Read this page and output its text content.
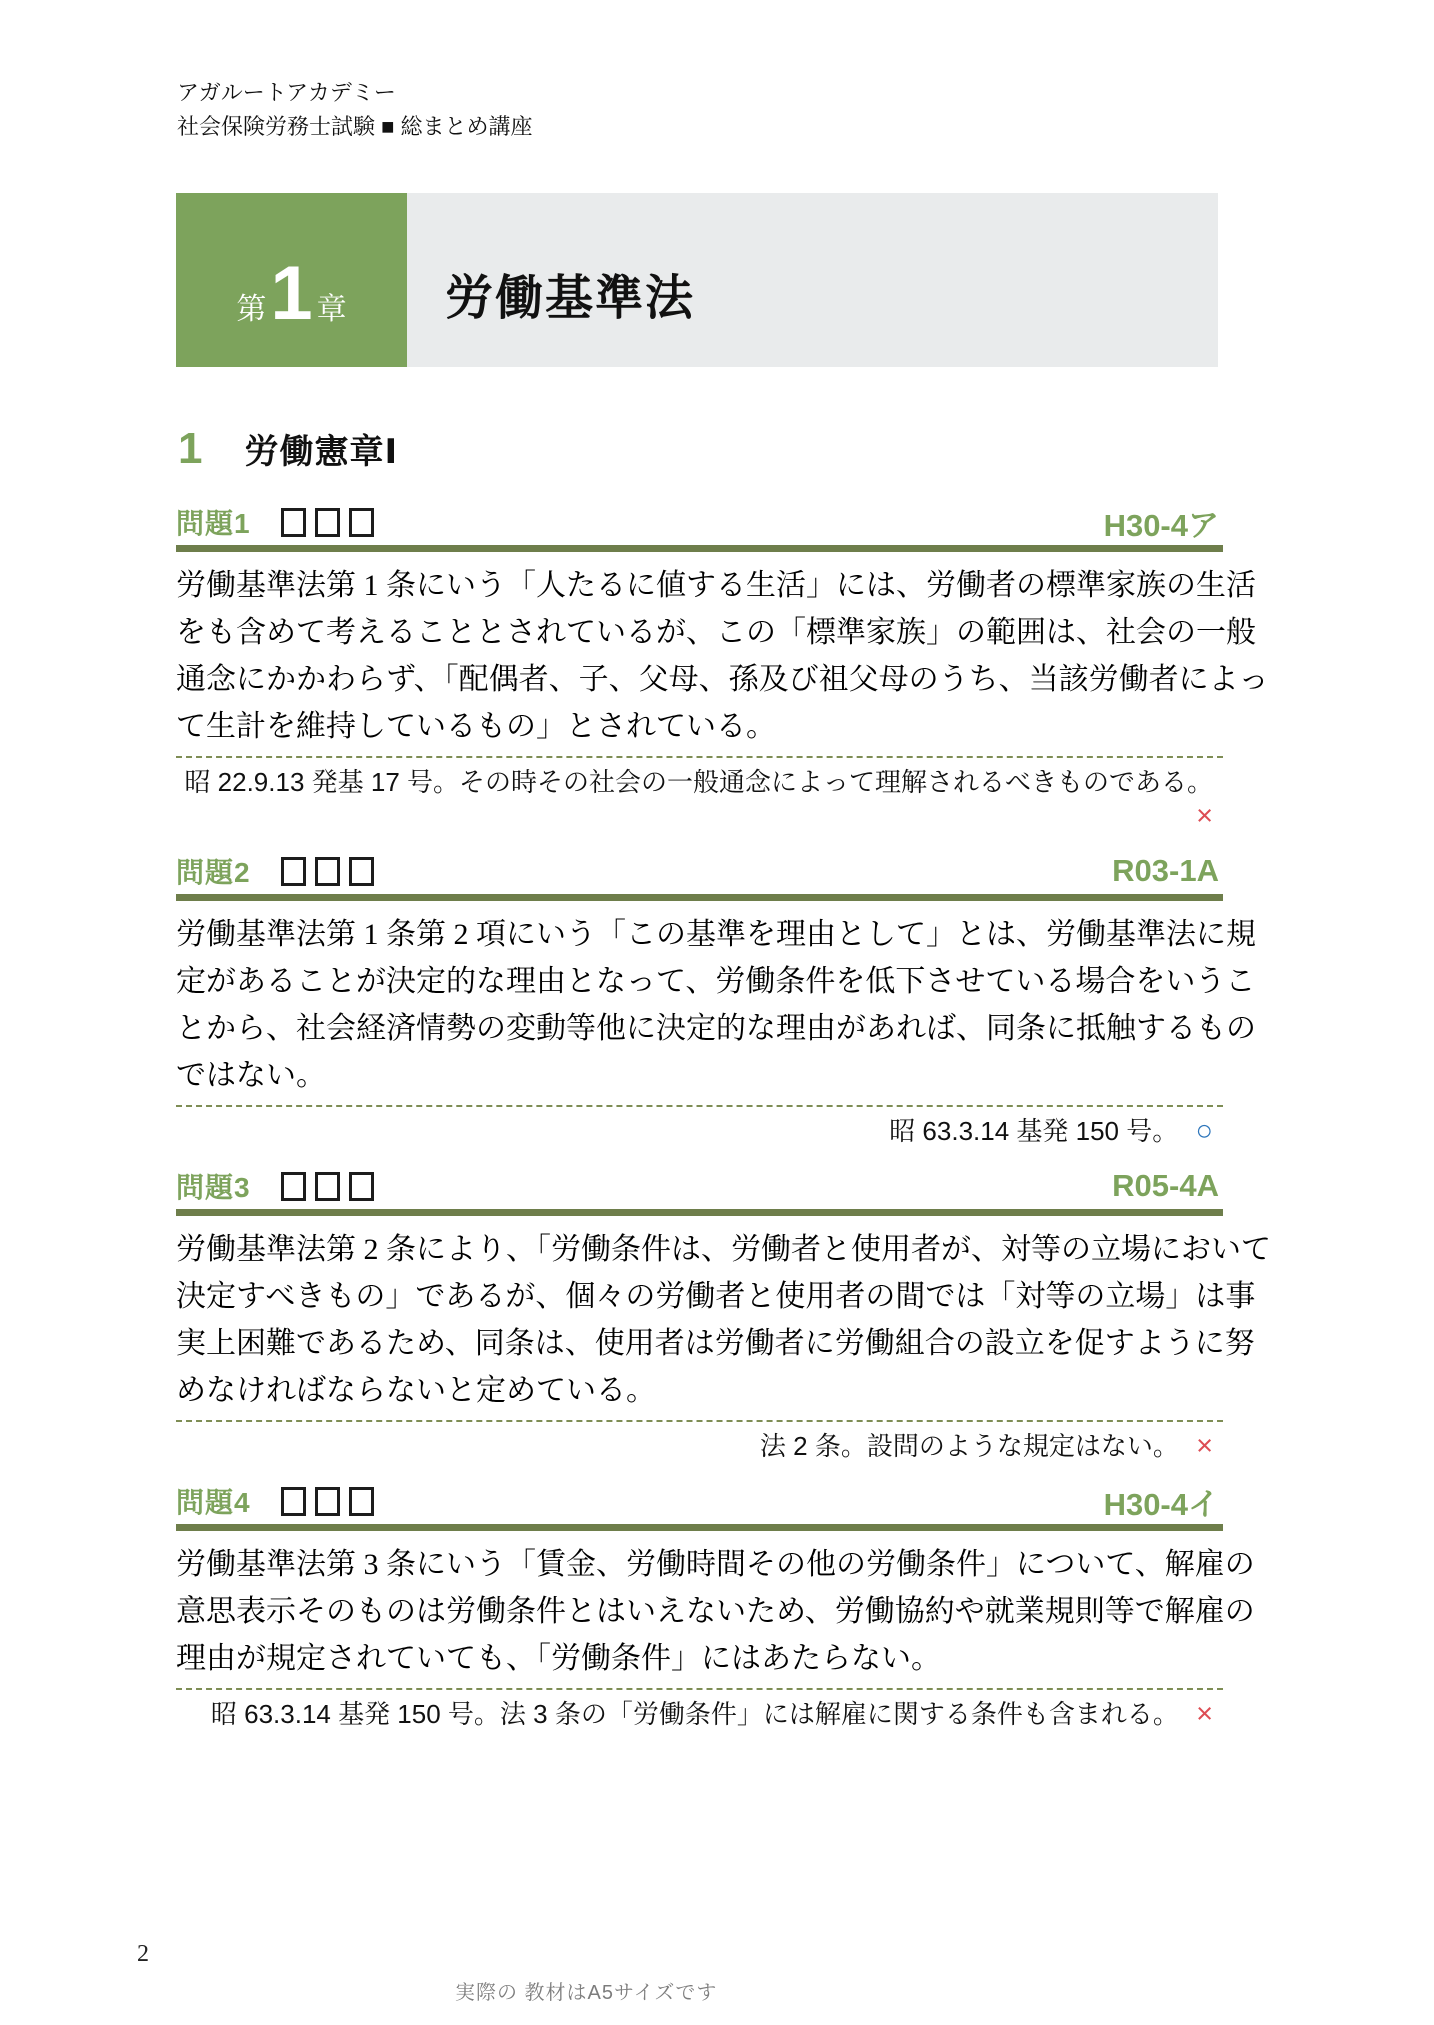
アガルートアカデミー
社会保険労務士試験 ■ 総まとめ講座
第 1 章 労働基準法
1 労働憲章Ⅰ
問題1	H30-4ア
労働基準法第 1 条にいう「人たるに値する生活」には、労働者の標準家族の生活
をも含めて考えることとされているが、この「標準家族」の範囲は、社会の一般
通念にかかわらず、「配偶者、子、父母、孫及び祖父母のうち、当該労働者によっ
て生計を維持しているもの」とされている。
昭 22.9.13 発基 17 号。その時その社会の一般通念によって理解されるべきものである。 ×
問題2	R03-1A
労働基準法第 1 条第 2 項にいう「この基準を理由として」とは、労働基準法に規
定があることが決定的な理由となって、労働条件を低下させている場合をいうこ
とから、社会経済情勢の変動等他に決定的な理由があれば、同条に抵触するもの
ではない。
昭 63.3.14 基発 150 号。 ○
問題3	R05-4A
労働基準法第 2 条により、「労働条件は、労働者と使用者が、対等の立場において
決定すべきもの」であるが、個々の労働者と使用者の間では「対等の立場」は事
実上困難であるため、同条は、使用者は労働者に労働組合の設立を促すように努
めなければならないと定めている。
法 2 条。設問のような規定はない。 ×
問題4	H30-4イ
労働基準法第 3 条にいう「賃金、労働時間その他の労働条件」について、解雇の
意思表示そのものは労働条件とはいえないため、労働協約や就業規則等で解雇の
理由が規定されていても、「労働条件」にはあたらない。
昭 63.3.14 基発 150 号。法 3 条の「労働条件」には解雇に関する条件も含まれる。 ×
2
実際の 教材はA5サイズです
